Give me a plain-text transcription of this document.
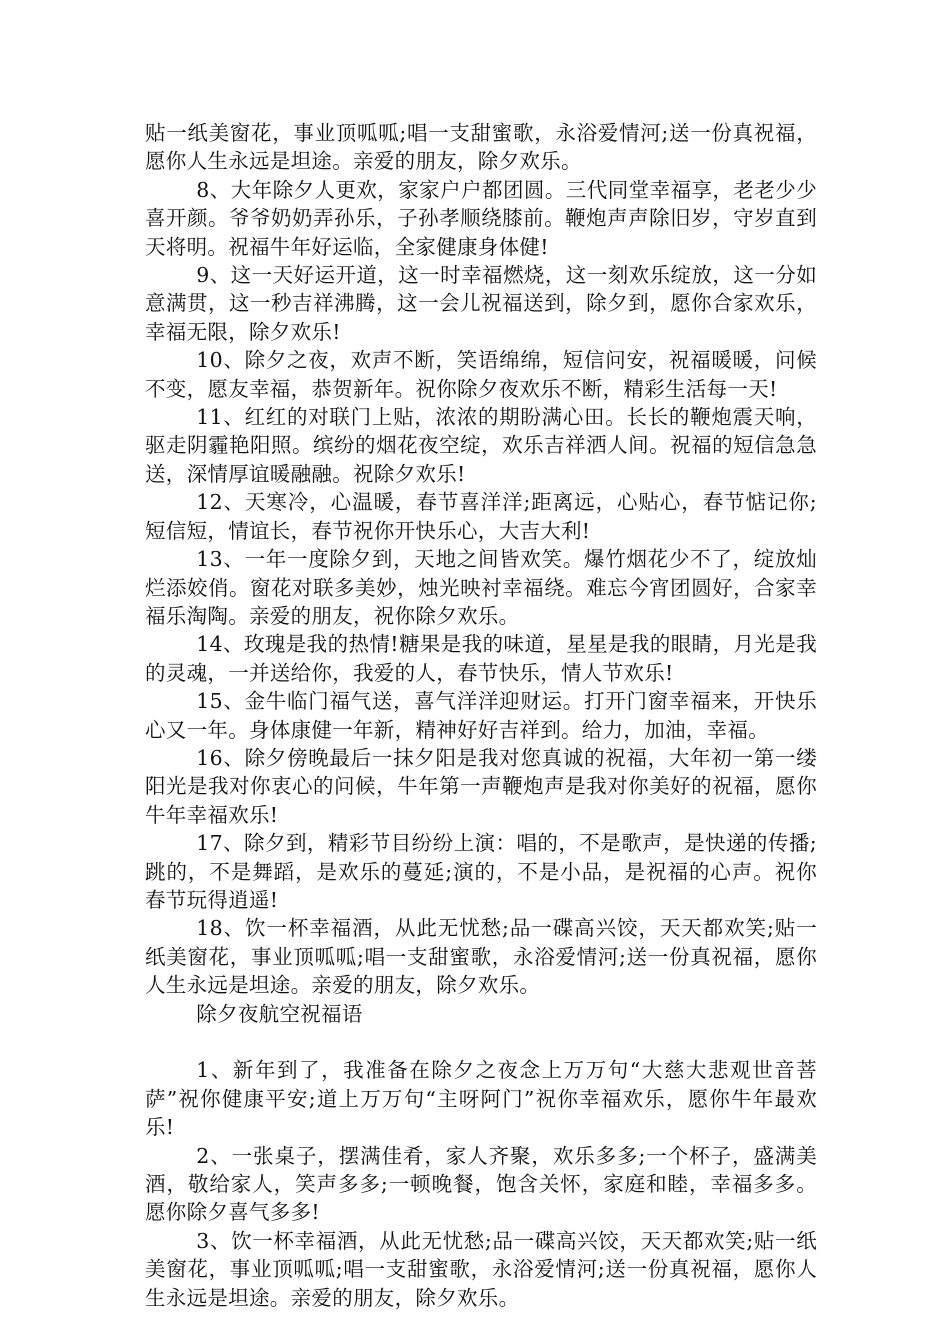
贴一纸美窗花，事业顶呱呱;唱一支甜蜜歌，永浴爱情河;送一份真祝福，愿你人生永远是坦途。亲爱的朋友，除夕欢乐。

8、大年除夕人更欢，家家户户都团圆。三代同堂幸福享，老老少少喜开颜。爷爷奶奶弄孙乐，子孙孝顺绕膝前。鞭炮声声除旧岁，守岁直到天将明。祝福牛年好运临，全家健康身体健!

9、这一天好运开道，这一时幸福燃烧，这一刻欢乐绽放，这一分如意满贯，这一秒吉祥沸腾，这一会儿祝福送到，除夕到，愿你合家欢乐，幸福无限，除夕欢乐!

10、除夕之夜，欢声不断，笑语绵绵，短信问安，祝福暖暖，问候不变，愿友幸福，恭贺新年。祝你除夕夜欢乐不断，精彩生活每一天!

11、红红的对联门上贴，浓浓的期盼满心田。长长的鞭炮震天响，驱走阴霾艳阳照。缤纷的烟花夜空绽，欢乐吉祥洒人间。祝福的短信急急送，深情厚谊暖融融。祝除夕欢乐!

12、天寒冷，心温暖，春节喜洋洋;距离远，心贴心，春节惦记你;短信短，情谊长，春节祝你开快乐心，大吉大利!

13、一年一度除夕到，天地之间皆欢笑。爆竹烟花少不了，绽放灿烂添姣俏。窗花对联多美妙，烛光映衬幸福绕。难忘今宵团圆好，合家幸福乐淘陶。亲爱的朋友，祝你除夕欢乐。

14、玫瑰是我的热情!糖果是我的味道，星星是我的眼睛，月光是我的灵魂，一并送给你，我爱的人，春节快乐，情人节欢乐!

15、金牛临门福气送，喜气洋洋迎财运。打开门窗幸福来，开快乐心又一年。身体康健一年新，精神好好吉祥到。给力，加油，幸福。

16、除夕傍晚最后一抹夕阳是我对您真诚的祝福，大年初一第一缕阳光是我对你衷心的问候，牛年第一声鞭炮声是我对你美好的祝福，愿你牛年幸福欢乐!

17、除夕到，精彩节目纷纷上演：唱的，不是歌声，是快递的传播;跳的，不是舞蹈，是欢乐的蔓延;演的，不是小品，是祝福的心声。祝你春节玩得逍遥!

18、饮一杯幸福酒，从此无忧愁;品一碟高兴饺，天天都欢笑;贴一纸美窗花，事业顶呱呱;唱一支甜蜜歌，永浴爱情河;送一份真祝福，愿你人生永远是坦途。亲爱的朋友，除夕欢乐。

除夕夜航空祝福语

1、新年到了，我准备在除夕之夜念上万万句“大慈大悲观世音菩萨”祝你健康平安;道上万万句“主呀阿门”祝你幸福欢乐，愿你牛年最欢乐!

2、一张桌子，摆满佳肴，家人齐聚，欢乐多多;一个杯子，盛满美酒，敬给家人，笑声多多;一顿晚餐，饱含关怀，家庭和睦，幸福多多。愿你除夕喜气多多!

3、饮一杯幸福酒，从此无忧愁;品一碟高兴饺，天天都欢笑;贴一纸美窗花，事业顶呱呱;唱一支甜蜜歌，永浴爱情河;送一份真祝福，愿你人生永远是坦途。亲爱的朋友，除夕欢乐。
